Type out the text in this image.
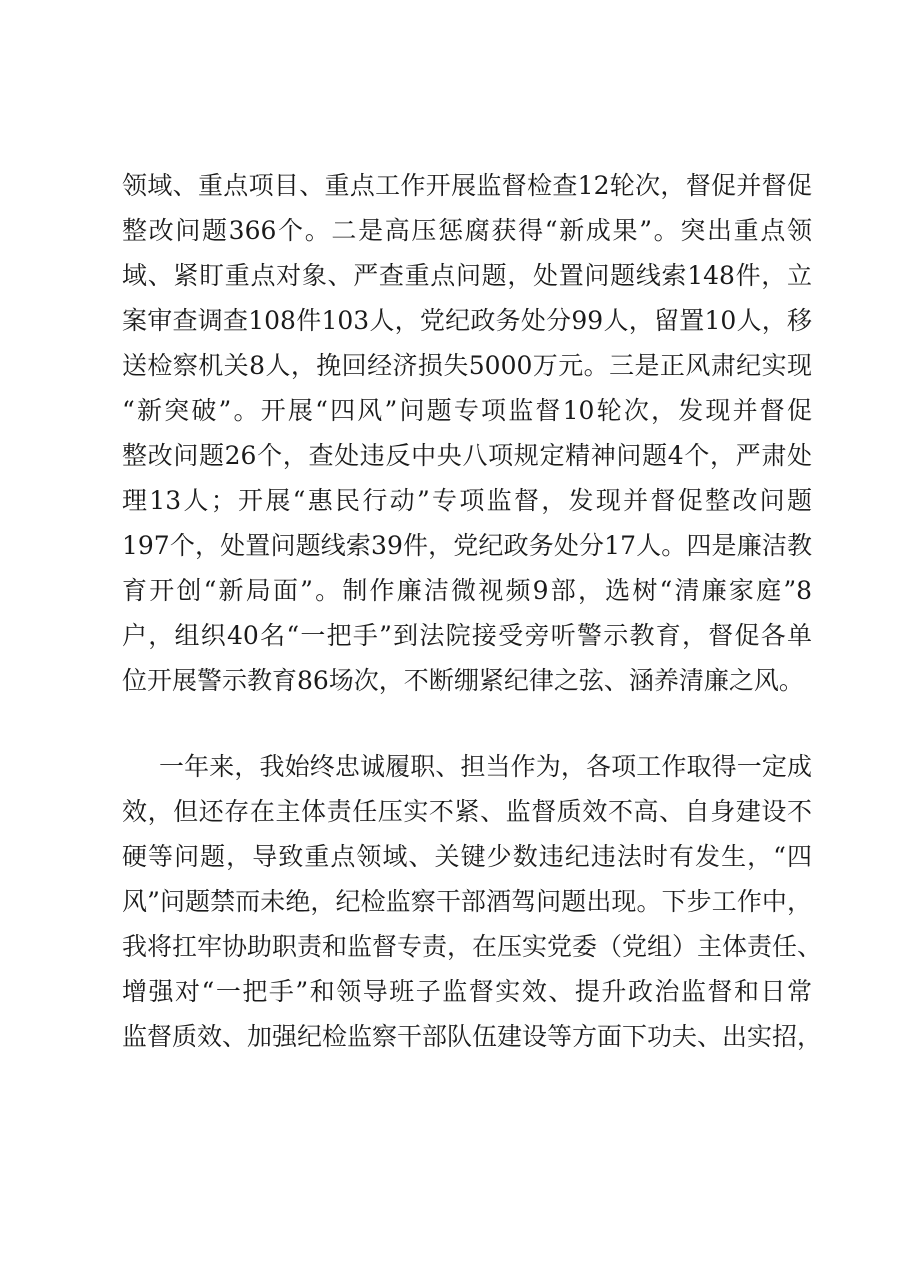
领域、重点项目、重点工作开展监督检查12轮次，督促并督促
整改问题366个。二是高压惩腐获得“新成果”。突出重点领
域、紧盯重点对象、严查重点问题，处置问题线索148件，立
案审查调查108件103人，党纪政务处分99人，留置10人，移
送检察机关8人，挽回经济损失5000万元。三是正风肃纪实现
“新突破”。开展“四风”问题专项监督10轮次，发现并督促
整改问题26个，查处违反中央八项规定精神问题4个，严肃处
理13人；开展“惠民行动”专项监督，发现并督促整改问题
197个，处置问题线索39件，党纪政务处分17人。四是廉洁教
育开创“新局面”。制作廉洁微视频9部，选树“清廉家庭”8
户，组织40名“一把手”到法院接受旁听警示教育，督促各单
位开展警示教育86场次，不断绷紧纪律之弦、涵养清廉之风。
一年来，我始终忠诚履职、担当作为，各项工作取得一定成
效，但还存在主体责任压实不紧、监督质效不高、自身建设不
硬等问题，导致重点领域、关键少数违纪违法时有发生，“四
风”问题禁而未绝，纪检监察干部酒驾问题出现。下步工作中，
我将扛牢协助职责和监督专责，在压实党委（党组）主体责任、
增强对“一把手”和领导班子监督实效、提升政治监督和日常
监督质效、加强纪检监察干部队伍建设等方面下功夫、出实招，
